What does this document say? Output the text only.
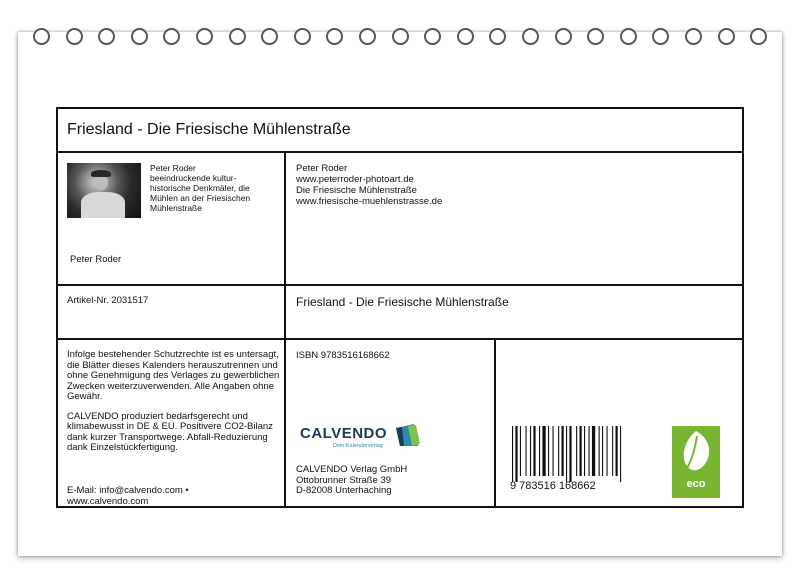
Friesland - Die Friesische Mühlenstraße
Peter Roder
beeindruckende kultur-
historische Denkmäler, die
Mühlen an der Friesischen
Mühlenstraße
Peter Roder
Peter Roder
www.peterroder-photoart.de
Die Friesische Mühlenstraße
www.friesische-muehlenstrasse.de
Artikel-Nr. 2031517	Friesland - Die Friesische Mühlenstraße

Infolge bestehender Schutzrechte ist es untersagt, die Blätter dieses Kalenders herauszutrennen und ohne Genehmigung des Verlages zu gewerblichen Zwecken weiterzuverwenden. Alle Angaben ohne Gewähr.

CALVENDO produziert bedarfsgerecht und klimabewusst in DE & EU. Positivere CO2-Bilanz dank kurzer Transportwege. Abfall-Reduzierung dank Einzelstückfertigung.

E-Mail: info@calvendo.com •
www.calvendo.com
ISBN 9783516168662
CALVENDO
Dein Kalenderverlag
CALVENDO Verlag GmbH
Ottobrunner Straße 39
D-82008 Unterhaching	9 783516 168662	eco
